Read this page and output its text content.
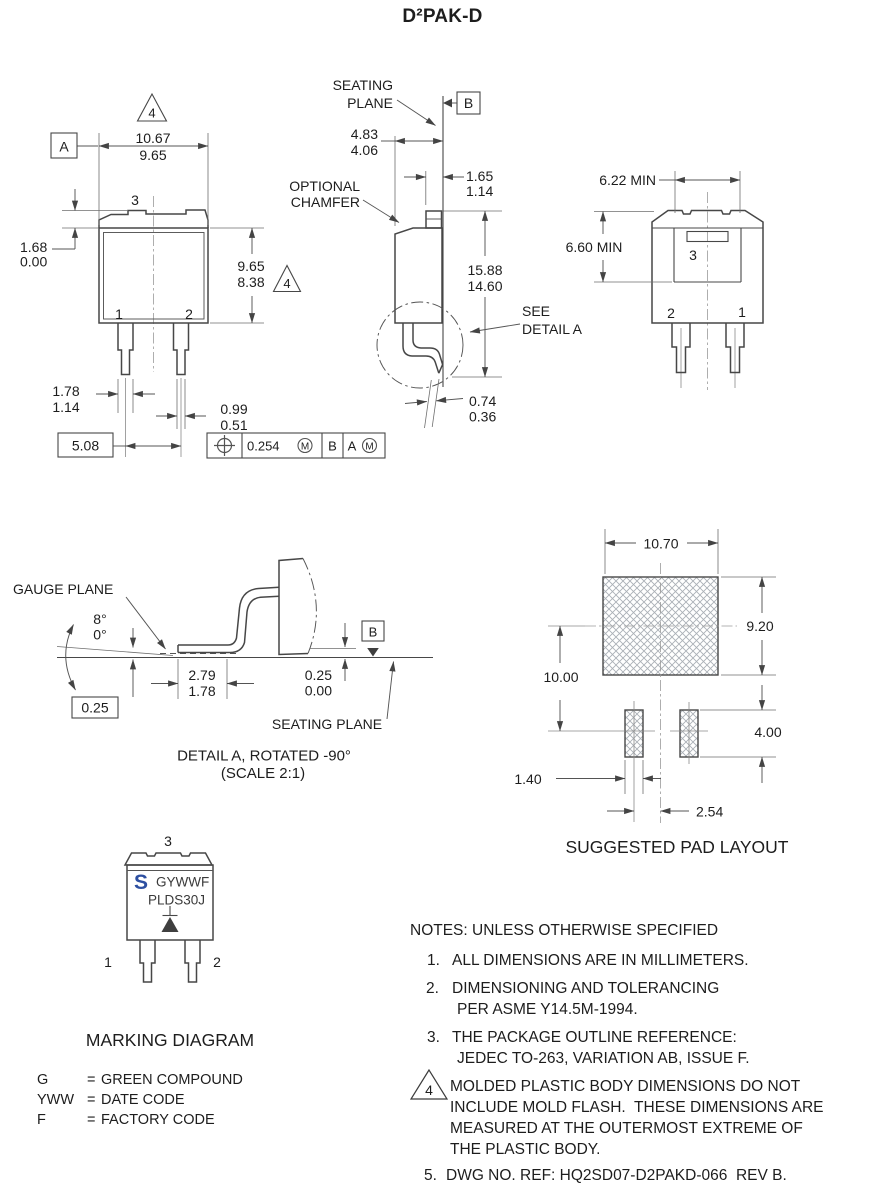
D²PAK-D
10.67
9.65
A
4
3
1.68
0.00	9.65
8.38 4
1	2
1.78
1.14	0.99
0.51
5.08	0.254 M B A M
B
SEATING
PLANE
4.83
4.06
1.65
1.14
OPTIONAL
CHAMFER
15.88
14.60
SEE
DETAIL A
0.74
0.36
3
2	1
6.22 MIN
6.60 MIN
GAUGE PLANE
8°
0°
0.25
2.79
1.78
0.25
0.00
B
SEATING PLANE
DETAIL A, ROTATED -90°
(SCALE 2:1)
10.70
9.20
10.00
4.00
1.40
2.54
SUGGESTED PAD LAYOUT
3
S GYWWF
PLDS30J
1	2
MARKING DIAGRAM
G	= GREEN COMPOUND
YWW = DATE CODE
F	= FACTORY CODE
NOTES: UNLESS OTHERWISE SPECIFIED
1. ALL DIMENSIONS ARE IN MILLIMETERS.
2. DIMENSIONING AND TOLERANCING
PER ASME Y14.5M-1994.
3. THE PACKAGE OUTLINE REFERENCE:
JEDEC TO-263, VARIATION AB, ISSUE F.
4 MOLDED PLASTIC BODY DIMENSIONS DO NOT
INCLUDE MOLD FLASH.  THESE DIMENSIONS ARE
MEASURED AT THE OUTERMOST EXTREME OF
THE PLASTIC BODY.
5. DWG NO. REF: HQ2SD07-D2PAKD-066  REV B.
